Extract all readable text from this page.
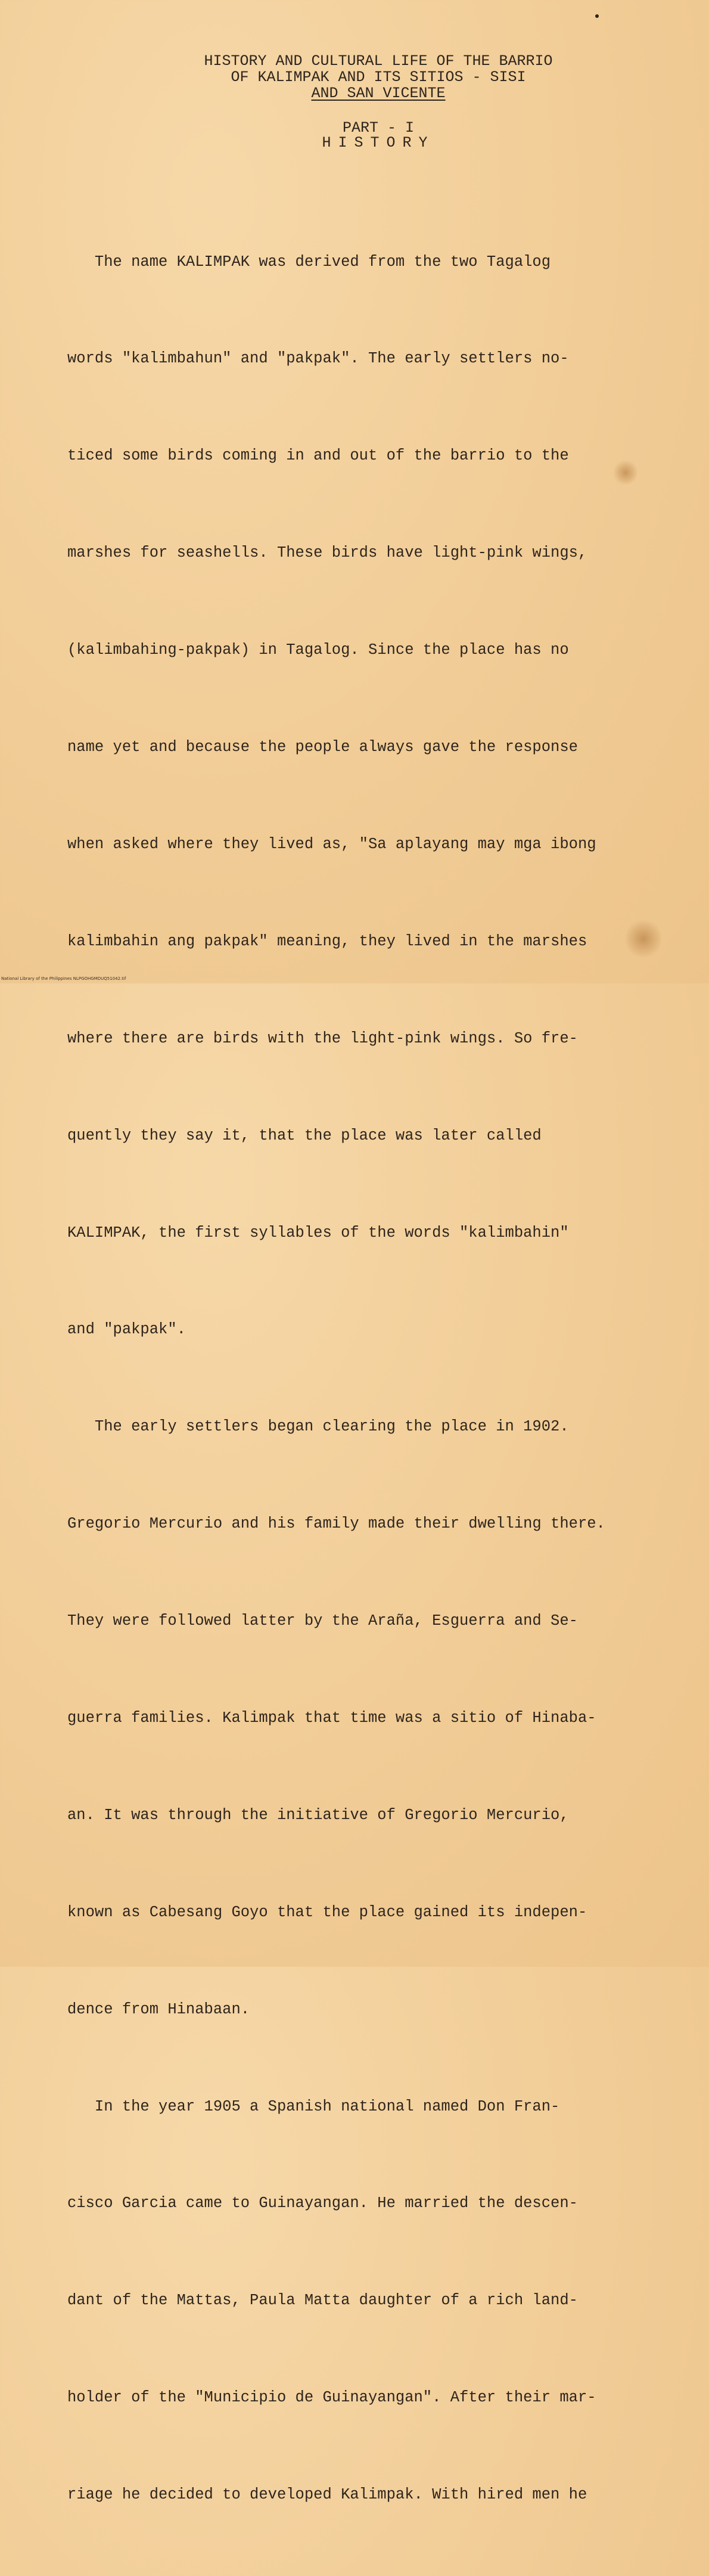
HISTORY AND CULTURAL LIFE OF THE BARRIO
OF KALIMPAK AND ITS SITIOS - SISI
AND SAN VICENTE
PART - I
HISTORY

The name KALIMPAK was derived from the two Tagalog

words "kalimbahun" and "pakpak". The early settlers no-

ticed some birds coming in and out of the barrio to the

marshes for seashells. These birds have light-pink wings,

(kalimbahing-pakpak) in Tagalog. Since the place has no

name yet and because the people always gave the response

when asked where they lived as, "Sa aplayang may mga ibong

kalimbahin ang pakpak" meaning, they lived in the marshes

where there are birds with the light-pink wings. So fre-

quently they say it, that the place was later called

KALIMPAK, the first syllables of the words "kalimbahin"

and "pakpak".

The early settlers began clearing the place in 1902.

Gregorio Mercurio and his family made their dwelling there.

They were followed latter by the Araña, Esguerra and Se-

guerra families. Kalimpak that time was a sitio of Hinaba-

an. It was through the initiative of Gregorio Mercurio,

known as Cabesang Goyo that the place gained its indepen-

dence from Hinabaan.

In the year 1905 a Spanish national named Don Fran-

cisco Garcia came to Guinayangan. He married the descen-

dant of the Mattas, Paula Matta daughter of a rich land-

holder of the "Municipio de Guinayangan". After their mar-

riage he decided to developed Kalimpak. With hired men he

National Library of the Philippines NLPGOHGMDUQ51042.tif
